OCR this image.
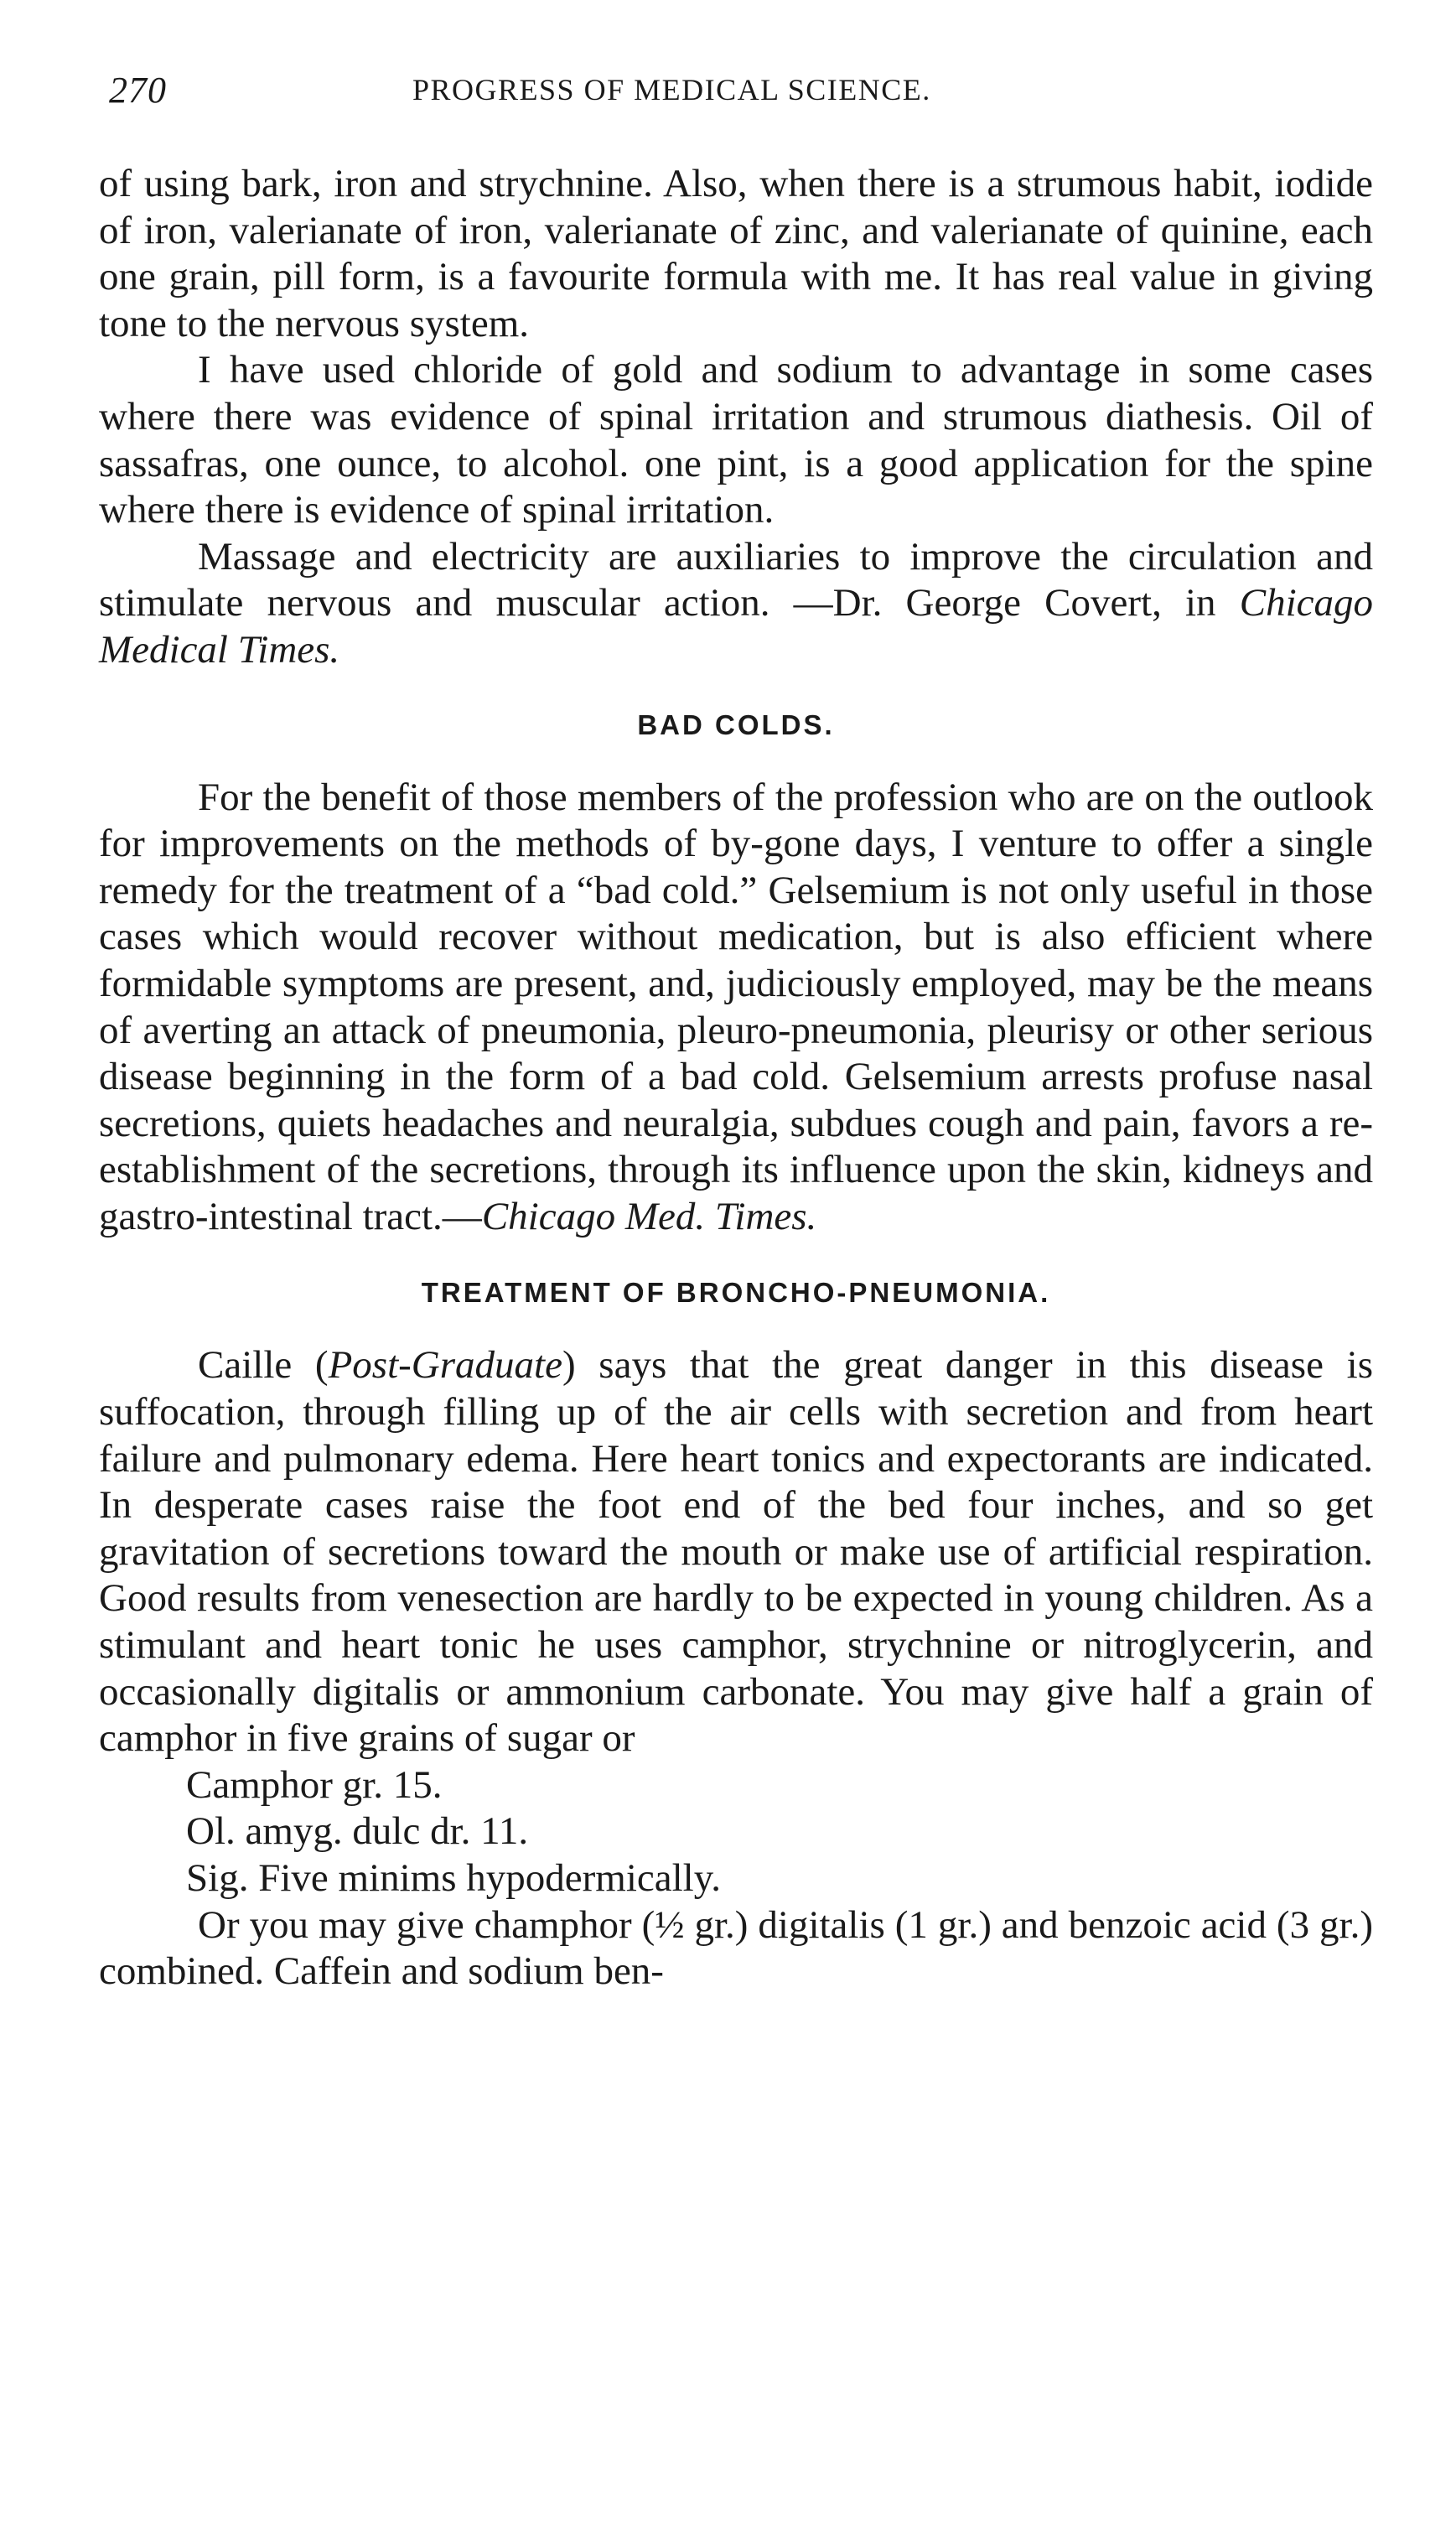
270	PROGRESS OF MEDICAL SCIENCE.

of using bark, iron and strychnine. Also, when there is a strumous habit, iodide of iron, valerianate of iron, valerianate of zinc, and valerianate of quinine, each one grain, pill form, is a favourite formula with me. It has real value in giving tone to the nervous system.

I have used chloride of gold and sodium to advantage in some cases where there was evidence of spinal irritation and strumous diathesis. Oil of sassafras, one ounce, to alcohol. one pint, is a good application for the spine where there is evidence of spinal irritation.

Massage and electricity are auxiliaries to improve the circulation and stimulate nervous and muscular action. —Dr. George Covert, in Chicago Medical Times.

BAD COLDS.

For the benefit of those members of the profession who are on the outlook for improvements on the methods of by-gone days, I venture to offer a single remedy for the treatment of a “bad cold.” Gelsemium is not only useful in those cases which would recover without medication, but is also efficient where formidable symptoms are present, and, judiciously employed, may be the means of averting an attack of pneumonia, pleuro-pneumonia, pleurisy or other serious disease beginning in the form of a bad cold. Gelsemium arrests profuse nasal secretions, quiets headaches and neuralgia, subdues cough and pain, favors a re-establishment of the secretions, through its influence upon the skin, kidneys and gastro-intestinal tract.—Chicago Med. Times.

TREATMENT OF BRONCHO-PNEUMONIA.

Caille (Post-Graduate) says that the great danger in this disease is suffocation, through filling up of the air cells with secretion and from heart failure and pulmonary edema. Here heart tonics and expectorants are indicated. In desperate cases raise the foot end of the bed four inches, and so get gravitation of secretions toward the mouth or make use of artificial respiration. Good results from venesection are hardly to be expected in young children. As a stimulant and heart tonic he uses camphor, strychnine or nitroglycerin, and occasionally digitalis or ammonium carbonate. You may give half a grain of camphor in five grains of sugar or

Camphor gr. 15.
Ol. amyg. dulc dr. 11.
Sig. Five minims hypodermically.

Or you may give champhor (½ gr.) digitalis (1 gr.) and benzoic acid (3 gr.) combined. Caffein and sodium ben-
